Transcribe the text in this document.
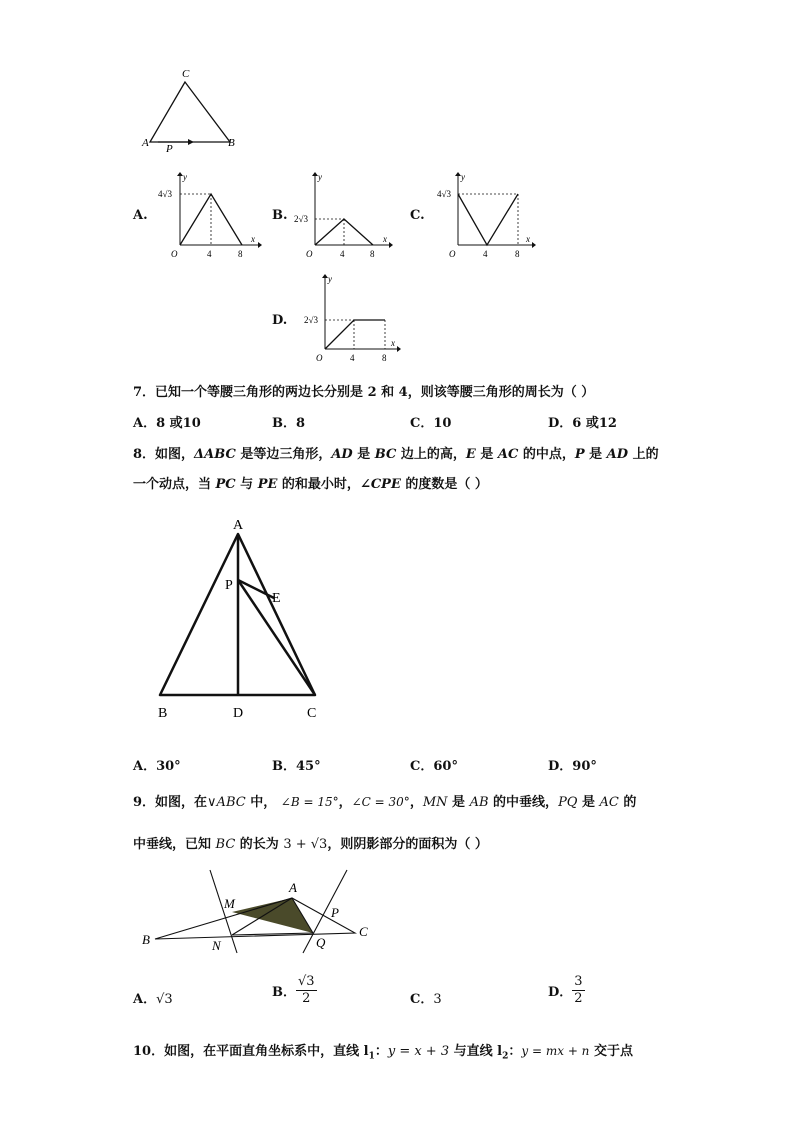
C
A	B
P
A.
4√3
4	8
O
x
y
B. 2√3
4	8
O
x
y
C.
4√3
4	8
O
x
y
D. 2√3
4	8
O
x
y
7．已知一个等腰三角形的两边长分别是 2 和 4，则该等腰三角形的周长为（ ）
A．8 或10	B．8	C．10	D．6 或12
8．如图，ΔABC 是等边三角形，AD 是 BC 边上的高，E 是 AC 的中点，P 是 AD 上的
一个动点，当 PC 与 PE 的和最小时，∠CPE 的度数是（ ）
A
P
E
B	D	C
A．30°	B．45°	C．60°	D．90°
9．如图，在∨ABC 中， ∠B = 15°，∠C = 30°，MN 是 AB 的中垂线，PQ 是 AC 的
中垂线，已知 BC 的长为 3 + √3，则阴影部分的面积为（ ）
A
M
P
B
C
N	Q
A．√3	B． $\frac{√3}{2}$	C．3	D． $\frac{3}{2}$
10．如图，在平面直角坐标系中，直线 $l_1$：y = x + 3 与直线 $l_2$：y = mx + n 交于点
